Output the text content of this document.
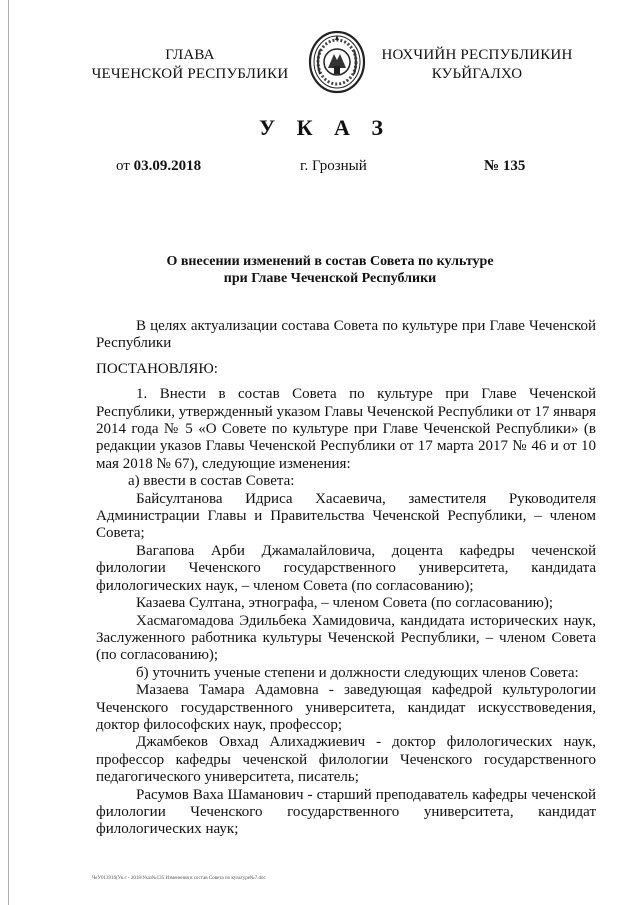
ГЛАВА
ЧЕЧЕНСКОЙ РЕСПУБЛИКИ
НОХЧИЙН РЕСПУБЛИКИН
КУЬЙГАЛХО
У К А З
от 03.09.2018	г. Грозный	№ 135
О внесении изменений в состав Совета по культуре
при Главе Чеченской Республики

В целях актуализации состава Совета по культуре при Главе Чеченской Республики

ПОСТАНОВЛЯЮ:

1. Внести в состав Совета по культуре при Главе Чеченской Республики, утвержденный указом Главы Чеченской Республики от 17 января 2014 года № 5 «О Совете по культуре при Главе Чеченской Республики» (в редакции указов Главы Чеченской Республики от 17 марта 2017 № 46 и от 10 мая 2018 № 67), следующие изменения:

а) ввести в состав Совета:

Байсултанова Идриса Хасаевича, заместителя Руководителя Администрации Главы и Правительства Чеченской Республики, – членом Совета;

Вагапова Арби Джамалайловича, доцента кафедры чеченской филологии Чеченского государственного университета, кандидата филологических наук, – членом Совета (по согласованию);

Казаева Султана, этнографа, – членом Совета (по согласованию);

Хасмагомадова Эдильбека Хамидовича, кандидата исторических наук, Заслуженного работника культуры Чеченской Республики, – членом Совета (по согласованию);

б) уточнить ученые степени и должности следующих членов Совета:

Мазаева Тамара Адамовна - заведующая кафедрой культурологии Чеченского государственного университета, кандидат искусствоведения, доктор философских наук, профессор;

Джамбеков Овхад Алихаджиевич - доктор филологических наук, профессор кафедры чеченской филологии Чеченского государственного педагогического университета, писатель;

Расумов Ваха Шаманович - старший преподаватель кафедры чеченской филологии Чеченского государственного университета, кандидат филологических наук;

ЧеУ013916(Ук.с - 2018\Указ№135 Изменения в состав Совета по культуре№7.doc
